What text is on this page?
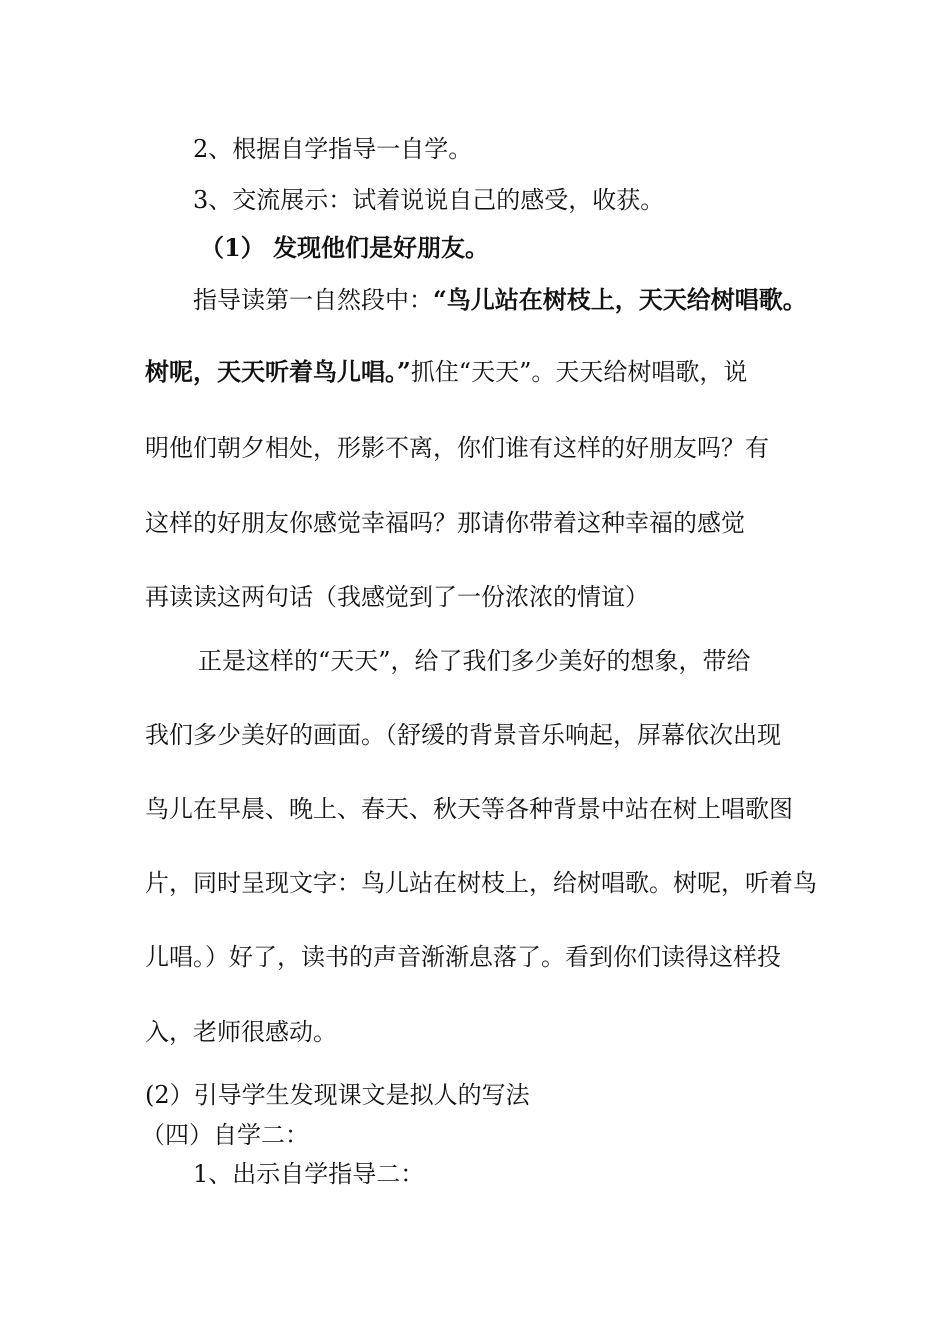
2、根据自学指导一自学。
3、交流展示：试着说说自己的感受，收获。
（1） 发现他们是好朋友。
指导读第一自然段中：“鸟儿站在树枝上，天天给树唱歌。
树呢，天天听着鸟儿唱。”抓住“天天”。天天给树唱歌，说
明他们朝夕相处，形影不离，你们谁有这样的好朋友吗？有
这样的好朋友你感觉幸福吗？那请你带着这种幸福的感觉
再读读这两句话（我感觉到了一份浓浓的情谊）
正是这样的“天天”，给了我们多少美好的想象，带给
我们多少美好的画面。（舒缓的背景音乐响起，屏幕依次出现
鸟儿在早晨、晚上、春天、秋天等各种背景中站在树上唱歌图
片，同时呈现文字：鸟儿站在树枝上，给树唱歌。树呢，听着鸟
儿唱。）好了，读书的声音渐渐息落了。看到你们读得这样投
入，老师很感动。
(2）引导学生发现课文是拟人的写法
（四）自学二：
1、出示自学指导二：
